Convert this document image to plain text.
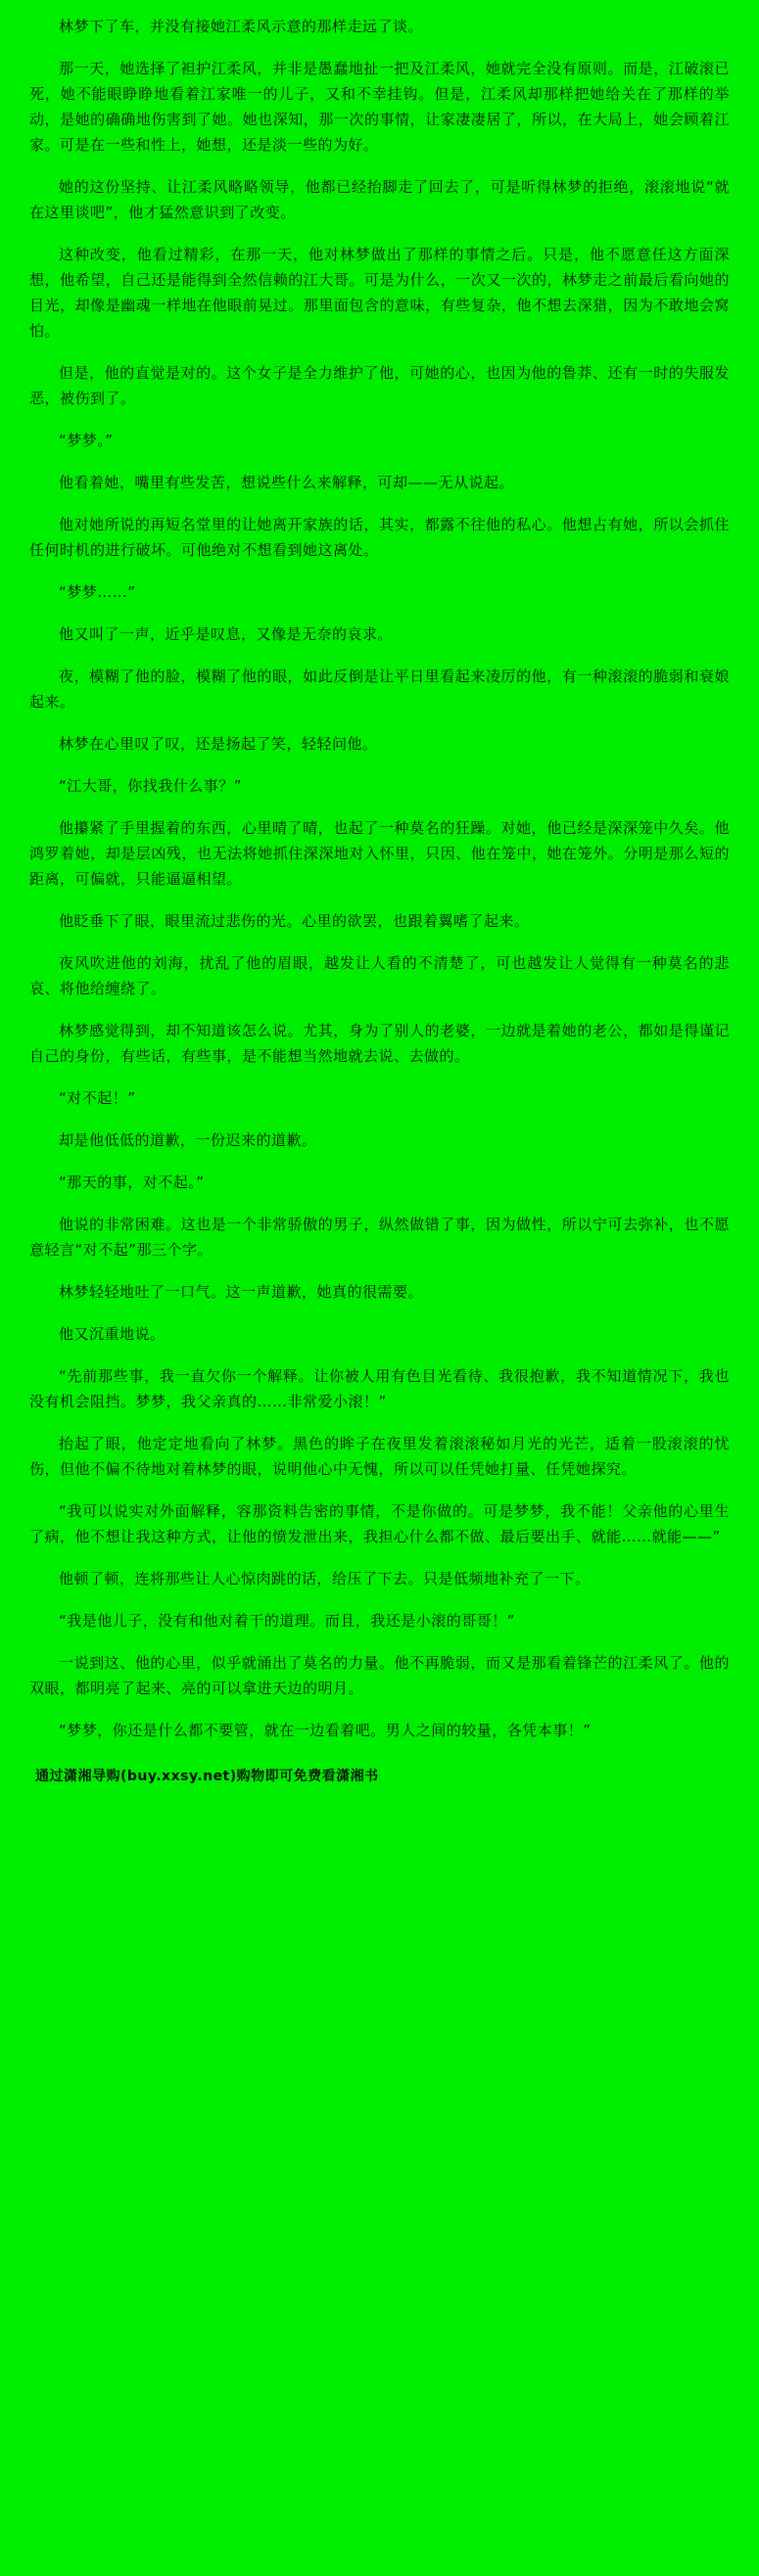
林梦下了车，并没有接她江柔风示意的那样走远了谈。

那一天，她选择了袒护江柔风，并非是愚蠢地扯一把及江柔风，她就完全没有原则。而是，江破滚已死，她不能眼睁睁地看着江家唯一的儿子，又和不幸挂钩。但是，江柔风却那样把她给关在了那样的举动，是她的确确地伤害到了她。她也深知，那一次的事情，让家凄凄居了，所以，在大局上，她会顾着江家。可是在一些和性上，她想，还是淡一些的为好。

她的这份坚持、让江柔风略略领导，他都已经抬脚走了回去了，可是听得林梦的拒绝，滚滚地说“就在这里谈吧”，他才猛然意识到了改变。

这种改变，他看过精彩，在那一天，他对林梦做出了那样的事情之后。只是，他不愿意任这方面深想，他希望，自己还是能得到全然信赖的江大哥。可是为什么，一次又一次的，林梦走之前最后看向她的目光，却像是幽魂一样地在他眼前晃过。那里面包含的意味，有些复杂，他不想去深猎，因为不敢地会窝怕。

但是，他的直觉是对的。这个女子是全力维护了他，可她的心，也因为他的鲁莽、还有一时的失服发恶，被伤到了。

“梦梦。”

他看着她，嘴里有些发苦，想说些什么来解释，可却——无从说起。

他对她所说的再短名堂里的让她离开家族的话，其实，都露不往他的私心。他想占有她，所以会抓住任何时机的进行破坏。可他绝对不想看到她这离处。

“梦梦……”

他又叫了一声，近乎是叹息，又像是无奈的哀求。

夜，模糊了他的脸，模糊了他的眼，如此反倒是让平日里看起来凌厉的他，有一种滚滚的脆弱和衰娘起来。

林梦在心里叹了叹，还是扬起了笑，轻轻问他。

“江大哥，你找我什么事？”

他攥紧了手里握着的东西，心里晴了晴，也起了一种莫名的狂躁。对她，他已经是深深笼中久矣。他鸿罗着她，却是层凶残，也无法将她抓住深深地对入怀里，只因、他在笼中，她在笼外。分明是那么短的距离，可偏就，只能逼逼相望。

他眨垂下了眼，眼里流过悲伤的光。心里的欲罢，也跟着翼嗜了起来。

夜风吹进他的刘海，扰乱了他的眉眼，越发让人看的不清楚了，可也越发让人觉得有一种莫名的悲哀、将他给缠绕了。

林梦感觉得到，却不知道该怎么说。尤其，身为了别人的老婆，一边就是着她的老公，都如是得谨记自己的身份，有些话，有些事，是不能想当然地就去说、去做的。

“对不起！”

却是他低低的道歉，一份迟来的道歉。

“那天的事，对不起。”

他说的非常困难。这也是一个非常骄傲的男子，纵然做错了事，因为做性，所以宁可去弥补，也不愿意轻言“对不起”那三个字。

林梦轻轻地吐了一口气。这一声道歉，她真的很需要。

他又沉重地说。

“先前那些事，我一直欠你一个解释。让你被人用有色目光看待、我很抱歉，我不知道情况下，我也没有机会阻挡。梦梦，我父亲真的……非常爱小滚！”

抬起了眼，他定定地看向了林梦。黑色的眸子在夜里发着滚滚秘如月光的光芒，适着一股滚滚的忧伤，但他不偏不待地对着林梦的眼，说明他心中无愧，所以可以任凭她打量、任凭她探究。

“我可以说实对外面解释，容那资料告密的事情，不是你做的。可是梦梦，我不能！父亲他的心里生了病，他不想让我这种方式，让他的愤发泄出来，我担心什么都不做、最后要出手、就能……就能——”

他顿了顿，连将那些让人心惊肉跳的话，给压了下去。只是低频地补充了一下。

“我是他儿子，没有和他对着干的道理。而且，我还是小滚的哥哥！”

一说到这、他的心里，似乎就涌出了莫名的力量。他不再脆弱，而又是那看着锋芒的江柔风了。他的双眼，都明亮了起来、亮的可以拿进天边的明月。

“梦梦，你还是什么都不要管，就在一边看着吧。男人之间的较量，各凭本事！”

通过潇湘导购(buy.xxsy.net)购物即可免费看潇湘书
